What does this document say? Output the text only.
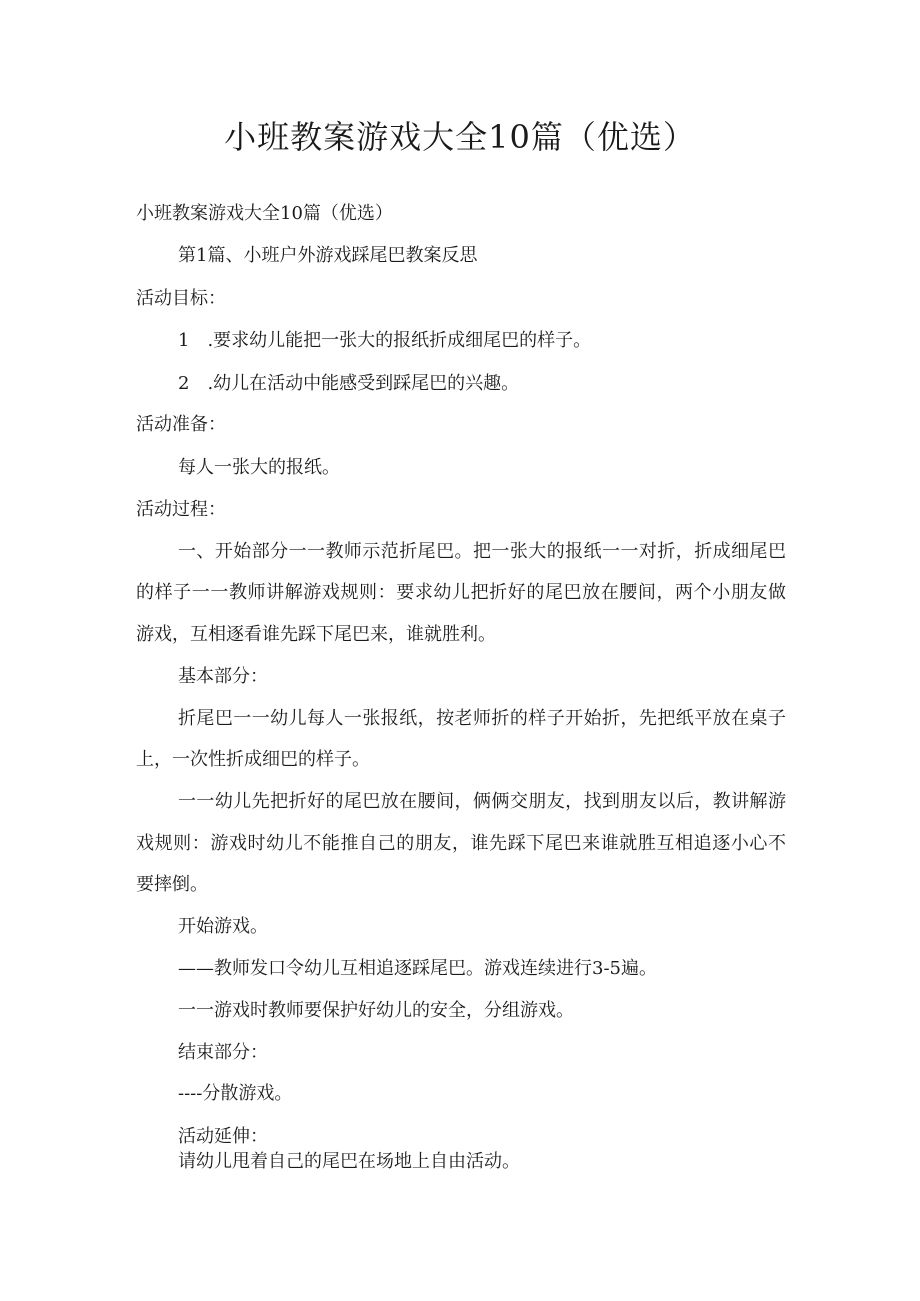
小班教案游戏大全10篇（优选）

小班教案游戏大全10篇（优选）

第1篇、小班户外游戏踩尾巴教案反思

活动目标：

1　.要求幼儿能把一张大的报纸折成细尾巴的样子。

2　.幼儿在活动中能感受到踩尾巴的兴趣。

活动准备：

每人一张大的报纸。

活动过程：

一、开始部分一一教师示范折尾巴。把一张大的报纸一一对折，折成细尾巴

的样子一一教师讲解游戏规则：要求幼儿把折好的尾巴放在腰间，两个小朋友做

游戏，互相逐看谁先踩下尾巴来，谁就胜利。

基本部分：

折尾巴一一幼儿每人一张报纸，按老师折的样子开始折，先把纸平放在桌子

上，一次性折成细巴的样子。

一一幼儿先把折好的尾巴放在腰间，俩俩交朋友，找到朋友以后，教讲解游

戏规则：游戏时幼儿不能推自己的朋友，谁先踩下尾巴来谁就胜互相追逐小心不

要摔倒。

开始游戏。

——教师发口令幼儿互相追逐踩尾巴。游戏连续进行3-5遍。

一一游戏时教师要保护好幼儿的安全，分组游戏。

结束部分：

----分散游戏。

活动延伸：

请幼儿甩着自己的尾巴在场地上自由活动。
